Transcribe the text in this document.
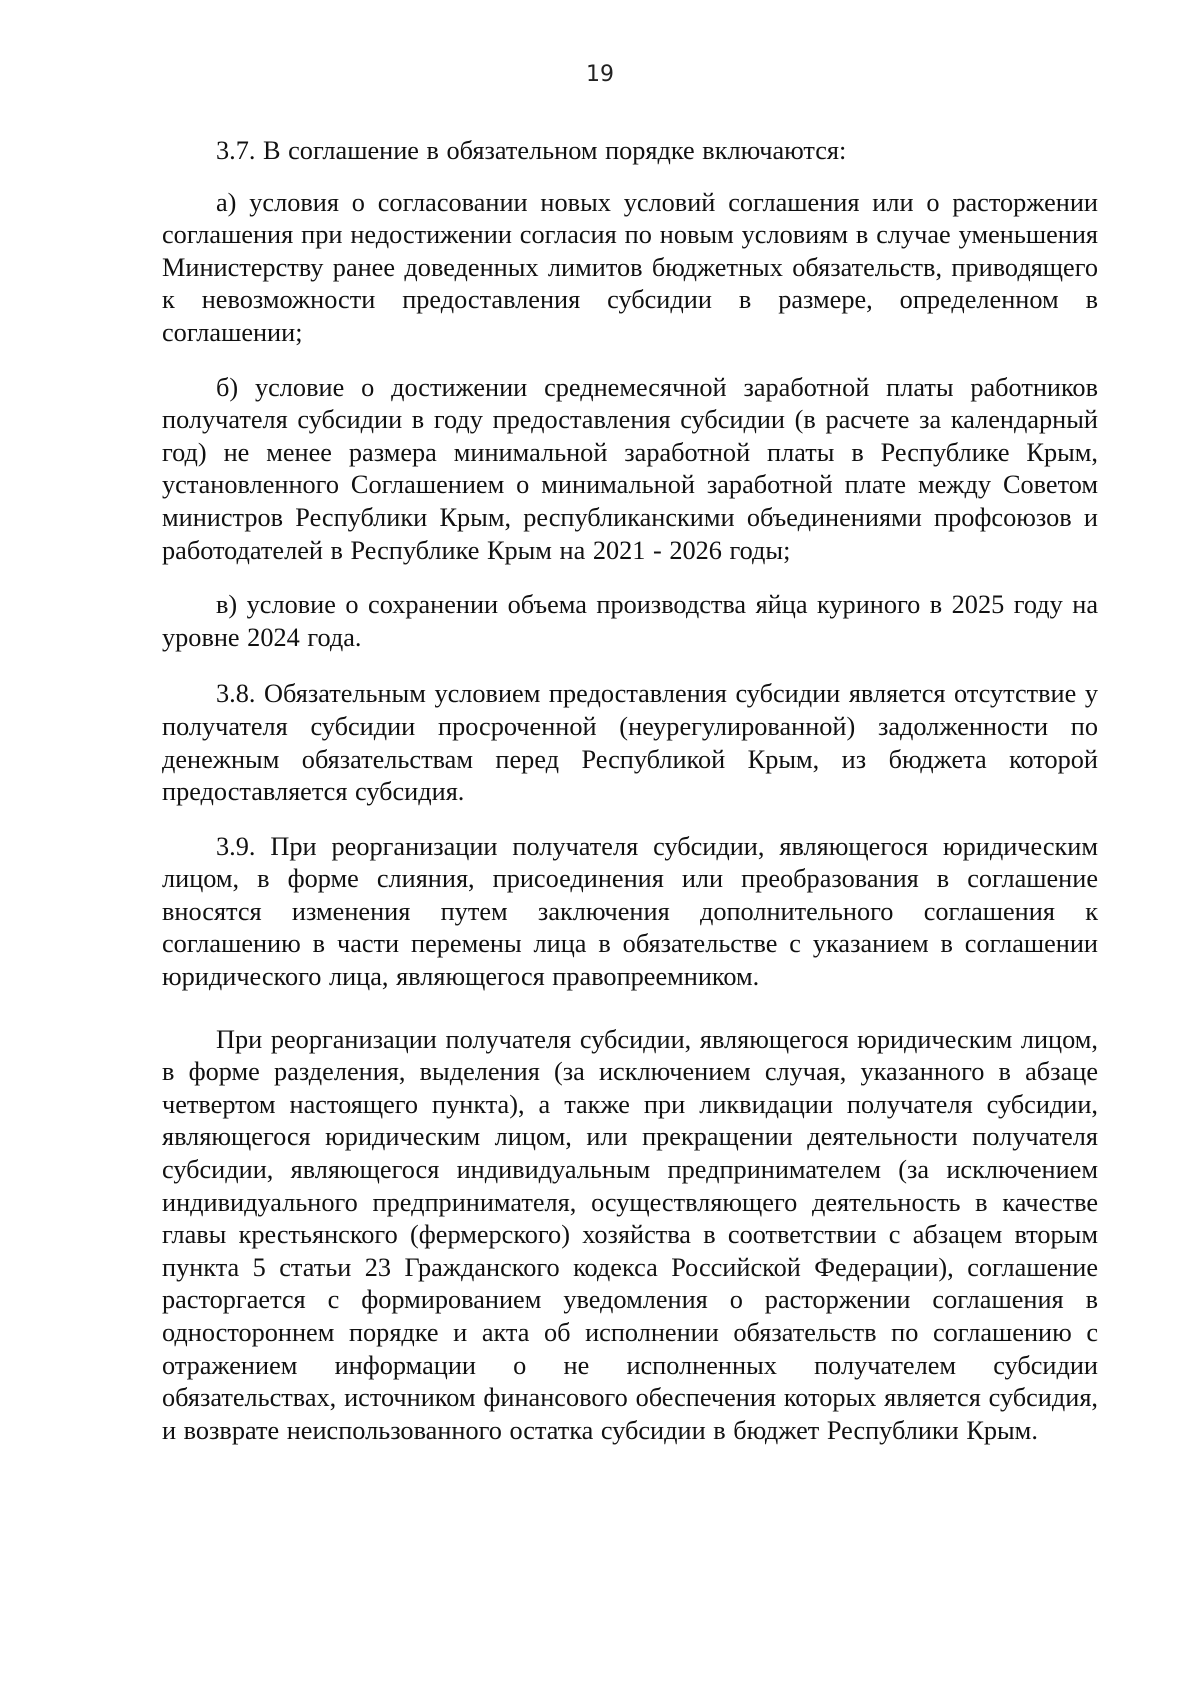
19

3.7. В соглашение в обязательном порядке включаются:

а) условия о согласовании новых условий соглашения или о расторжении соглашения при недостижении согласия по новым условиям в случае уменьшения Министерству ранее доведенных лимитов бюджетных обязательств, приводящего к невозможности предоставления субсидии в размере, определенном в соглашении;

б) условие о достижении среднемесячной заработной платы работников получателя субсидии в году предоставления субсидии (в расчете за календарный год) не менее размера минимальной заработной платы в Республике Крым, установленного Соглашением о минимальной заработной плате между Советом министров Республики Крым, республиканскими объединениями профсоюзов и работодателей в Республике Крым на 2021 - 2026 годы;

в) условие о сохранении объема производства яйца куриного в 2025 году на уровне 2024 года.

3.8. Обязательным условием предоставления субсидии является отсутствие у получателя субсидии просроченной (неурегулированной) задолженности по денежным обязательствам перед Республикой Крым, из бюджета которой предоставляется субсидия.

3.9. При реорганизации получателя субсидии, являющегося юридическим лицом, в форме слияния, присоединения или преобразования в соглашение вносятся изменения путем заключения дополнительного соглашения к соглашению в части перемены лица в обязательстве с указанием в соглашении юридического лица, являющегося правопреемником.

При реорганизации получателя субсидии, являющегося юридическим лицом, в форме разделения, выделения (за исключением случая, указанного в абзаце четвертом настоящего пункта), а также при ликвидации получателя субсидии, являющегося юридическим лицом, или прекращении деятельности получателя субсидии, являющегося индивидуальным предпринимателем (за исключением индивидуального предпринимателя, осуществляющего деятельность в качестве главы крестьянского (фермерского) хозяйства в соответствии с абзацем вторым пункта 5 статьи 23 Гражданского кодекса Российской Федерации), соглашение расторгается с формированием уведомления о расторжении соглашения в одностороннем порядке и акта об исполнении обязательств по соглашению с отражением информации о не исполненных получателем субсидии обязательствах, источником финансового обеспечения которых является субсидия, и возврате неиспользованного остатка субсидии в бюджет Республики Крым.
